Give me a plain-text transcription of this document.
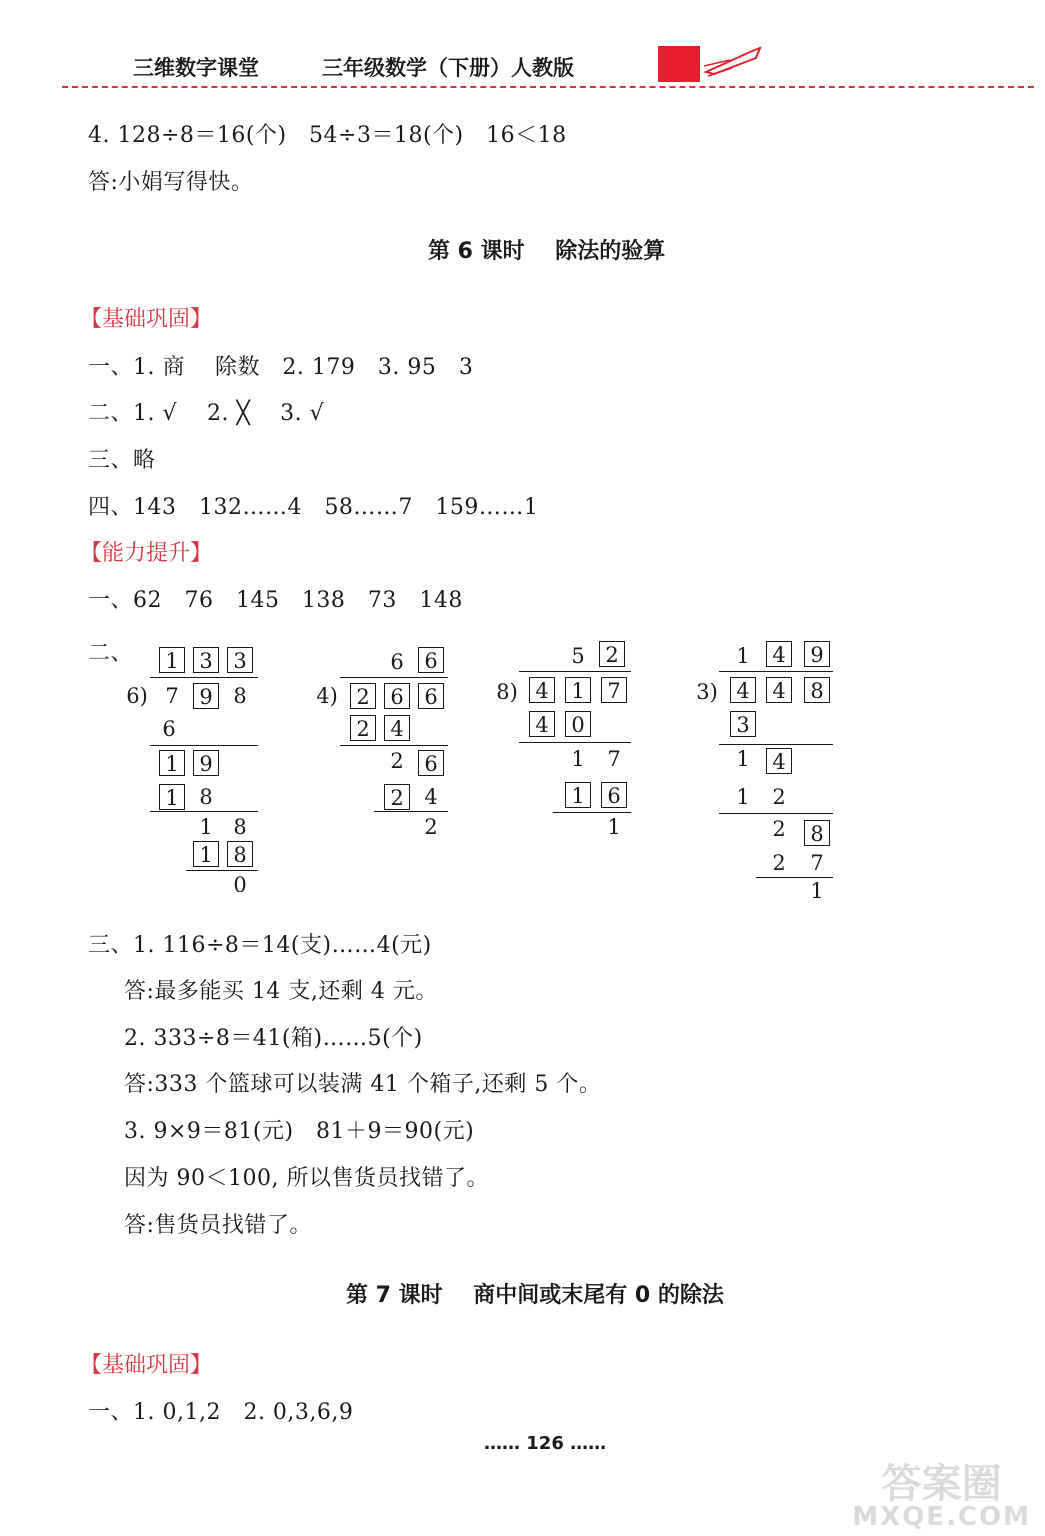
三维数字课堂	三年级数学（下册）人教版
4. 128÷8＝16(个)   54÷3＝18(个)   16＜18
答:小娟写得快。
第 6 课时    除法的验算
【基础巩固】
一、1. 商    除数   2. 179   3. 95   3
二、1. √    2. ╳    3. √
三、略
四、143   132……4   58……7   159……1
【能力提升】
一、62   76   145   138   73   148
二、	1 3 3
6) 7 9 8
6
1 9
1 8
1 8
1 8
0
6 6
4) 2 6 6
2 4
2 6
2 4
2
5 2
8) 4	1	7
4	0
1	7
1	6
1
1	4	9
3) 4	4	8
3
1	4
1	2
2	8
2	7
1
三、1. 116÷8＝14(支)……4(元)
答:最多能买 14 支,还剩 4 元。
2. 333÷8＝41(箱)……5(个)
答:333 个篮球可以装满 41 个箱子,还剩 5 个。
3. 9×9＝81(元)   81＋9＝90(元)
因为 90＜100, 所以售货员找错了。
答:售货员找错了。
第 7 课时    商中间或末尾有 0 的除法
【基础巩固】
一、1. 0,1,2   2. 0,3,6,9
…… 126 ……
答案圈
MXQE.COM
